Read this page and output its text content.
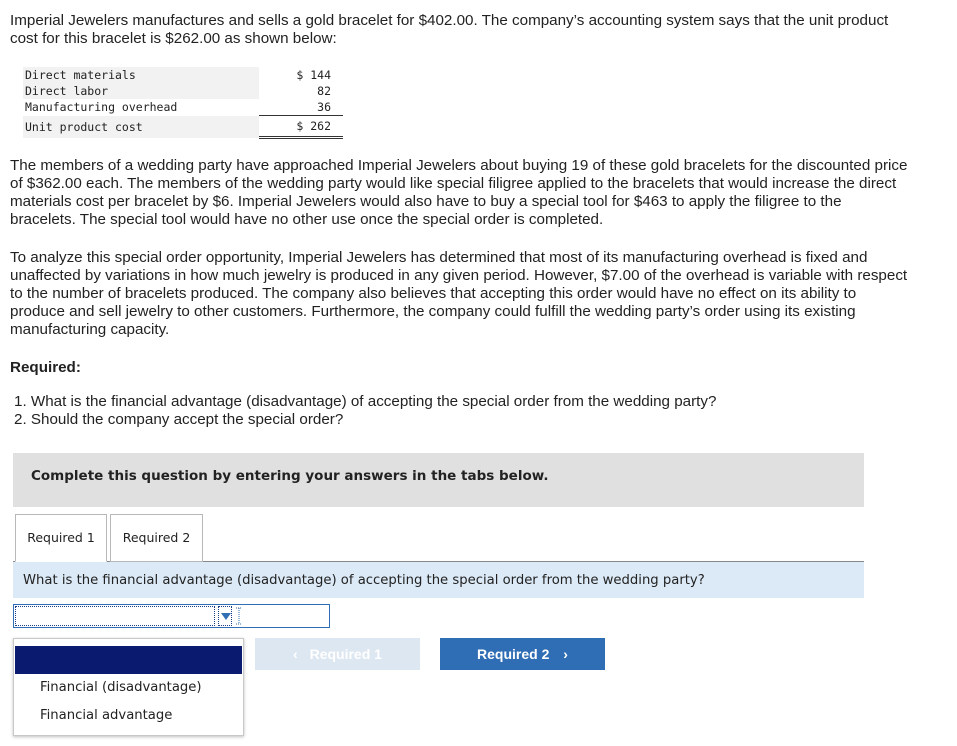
Imperial Jewelers manufactures and sells a gold bracelet for $402.00. The company’s accounting system says that the unit product
cost for this bracelet is $262.00 as shown below:
Direct materials	$ 144
Direct labor	82
Manufacturing overhead	36
Unit product cost	$ 262
The members of a wedding party have approached Imperial Jewelers about buying 19 of these gold bracelets for the discounted price
of $362.00 each. The members of the wedding party would like special filigree applied to the bracelets that would increase the direct
materials cost per bracelet by $6. Imperial Jewelers would also have to buy a special tool for $463 to apply the filigree to the
bracelets. The special tool would have no other use once the special order is completed.
To analyze this special order opportunity, Imperial Jewelers has determined that most of its manufacturing overhead is fixed and
unaffected by variations in how much jewelry is produced in any given period. However, $7.00 of the overhead is variable with respect
to the number of bracelets produced. The company also believes that accepting this order would have no effect on its ability to
produce and sell jewelry to other customers. Furthermore, the company could fulfill the wedding party’s order using its existing
manufacturing capacity.
Required:
1. What is the financial advantage (disadvantage) of accepting the special order from the wedding party?
2. Should the company accept the special order?
Complete this question by entering your answers in the tabs below.
Required 1	Required 2
What is the financial advantage (disadvantage) of accepting the special order from the wedding party?
Financial (disadvantage)
Financial advantage
‹ Required 1	Required 2 ›
